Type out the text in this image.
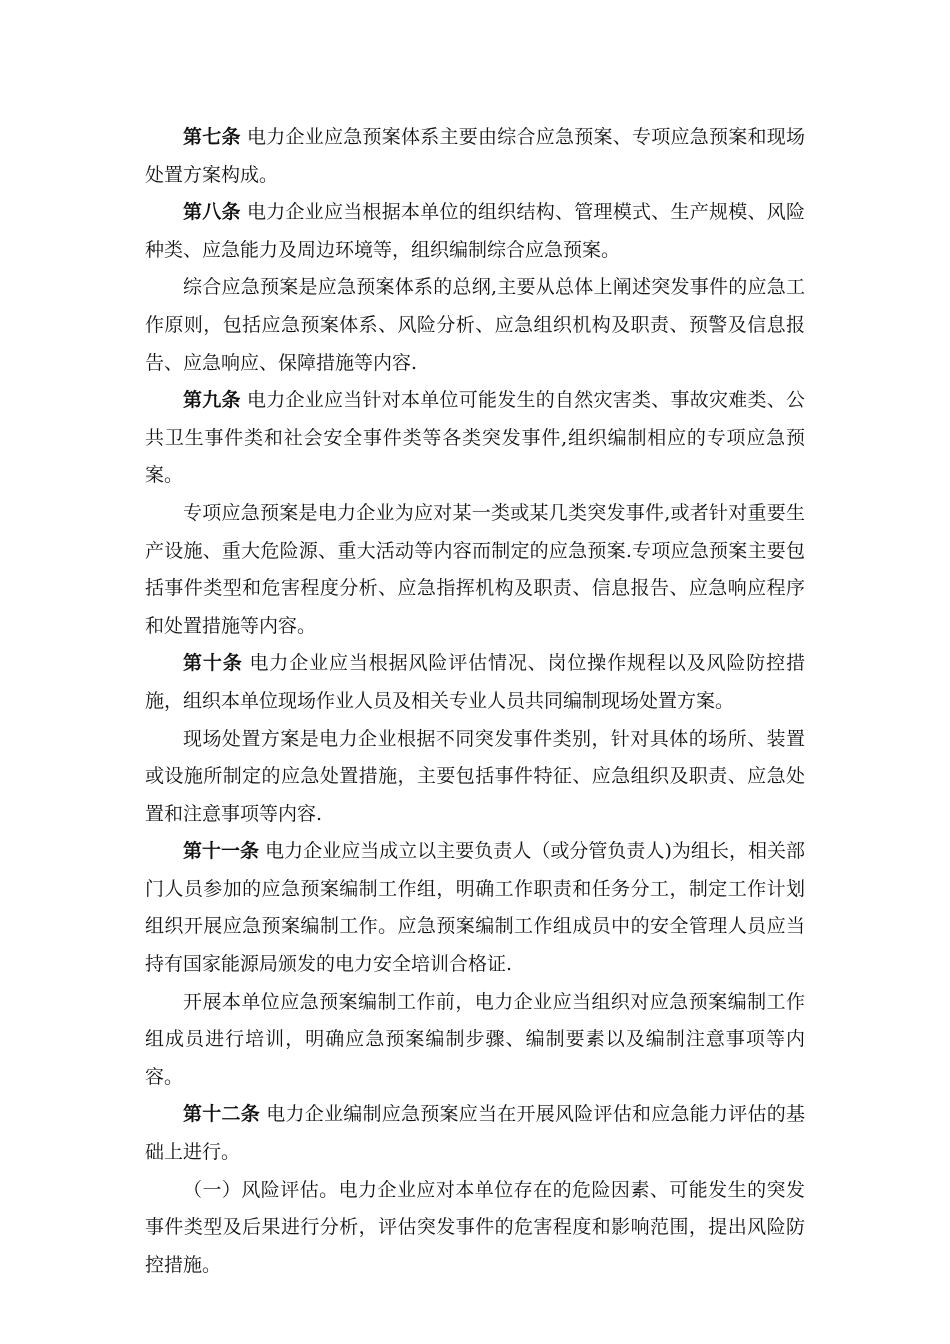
第七条 电力企业应急预案体系主要由综合应急预案、专项应急预案和现场处置方案构成。

第八条 电力企业应当根据本单位的组织结构、管理模式、生产规模、风险种类、应急能力及周边环境等，组织编制综合应急预案。

综合应急预案是应急预案体系的总纲,主要从总体上阐述突发事件的应急工作原则，包括应急预案体系、风险分析、应急组织机构及职责、预警及信息报告、应急响应、保障措施等内容.

第九条 电力企业应当针对本单位可能发生的自然灾害类、事故灾难类、公共卫生事件类和社会安全事件类等各类突发事件,组织编制相应的专项应急预案。

专项应急预案是电力企业为应对某一类或某几类突发事件,或者针对重要生产设施、重大危险源、重大活动等内容而制定的应急预案.专项应急预案主要包括事件类型和危害程度分析、应急指挥机构及职责、信息报告、应急响应程序和处置措施等内容。

第十条 电力企业应当根据风险评估情况、岗位操作规程以及风险防控措施，组织本单位现场作业人员及相关专业人员共同编制现场处置方案。

现场处置方案是电力企业根据不同突发事件类别，针对具体的场所、装置或设施所制定的应急处置措施，主要包括事件特征、应急组织及职责、应急处置和注意事项等内容.

第十一条 电力企业应当成立以主要负责人（或分管负责人)为组长，相关部门人员参加的应急预案编制工作组，明确工作职责和任务分工，制定工作计划组织开展应急预案编制工作。应急预案编制工作组成员中的安全管理人员应当持有国家能源局颁发的电力安全培训合格证.

开展本单位应急预案编制工作前，电力企业应当组织对应急预案编制工作组成员进行培训，明确应急预案编制步骤、编制要素以及编制注意事项等内容。

第十二条 电力企业编制应急预案应当在开展风险评估和应急能力评估的基础上进行。

（一）风险评估。电力企业应对本单位存在的危险因素、可能发生的突发事件类型及后果进行分析，评估突发事件的危害程度和影响范围，提出风险防控措施。
